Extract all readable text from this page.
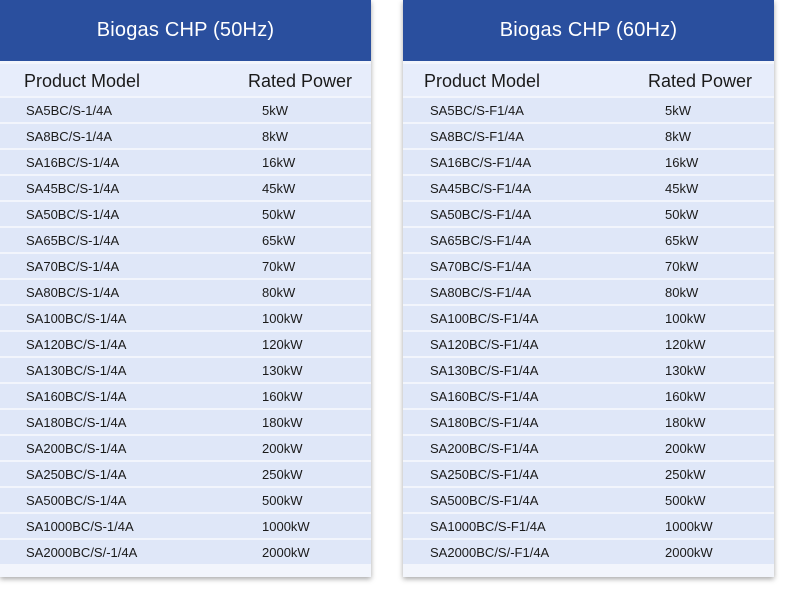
Biogas CHP (50Hz)
Product Model	Rated Power
SA5BC/S-1/4A	5kW
SA8BC/S-1/4A	8kW
SA16BC/S-1/4A	16kW
SA45BC/S-1/4A	45kW
SA50BC/S-1/4A	50kW
SA65BC/S-1/4A	65kW
SA70BC/S-1/4A	70kW
SA80BC/S-1/4A	80kW
SA100BC/S-1/4A	100kW
SA120BC/S-1/4A	120kW
SA130BC/S-1/4A	130kW
SA160BC/S-1/4A	160kW
SA180BC/S-1/4A	180kW
SA200BC/S-1/4A	200kW
SA250BC/S-1/4A	250kW
SA500BC/S-1/4A	500kW
SA1000BC/S-1/4A	1000kW
SA2000BC/S/-1/4A	2000kW
Biogas CHP (60Hz)
Product Model	Rated Power
SA5BC/S-F1/4A	5kW
SA8BC/S-F1/4A	8kW
SA16BC/S-F1/4A	16kW
SA45BC/S-F1/4A	45kW
SA50BC/S-F1/4A	50kW
SA65BC/S-F1/4A	65kW
SA70BC/S-F1/4A	70kW
SA80BC/S-F1/4A	80kW
SA100BC/S-F1/4A	100kW
SA120BC/S-F1/4A	120kW
SA130BC/S-F1/4A	130kW
SA160BC/S-F1/4A	160kW
SA180BC/S-F1/4A	180kW
SA200BC/S-F1/4A	200kW
SA250BC/S-F1/4A	250kW
SA500BC/S-F1/4A	500kW
SA1000BC/S-F1/4A	1000kW
SA2000BC/S/-F1/4A	2000kW
